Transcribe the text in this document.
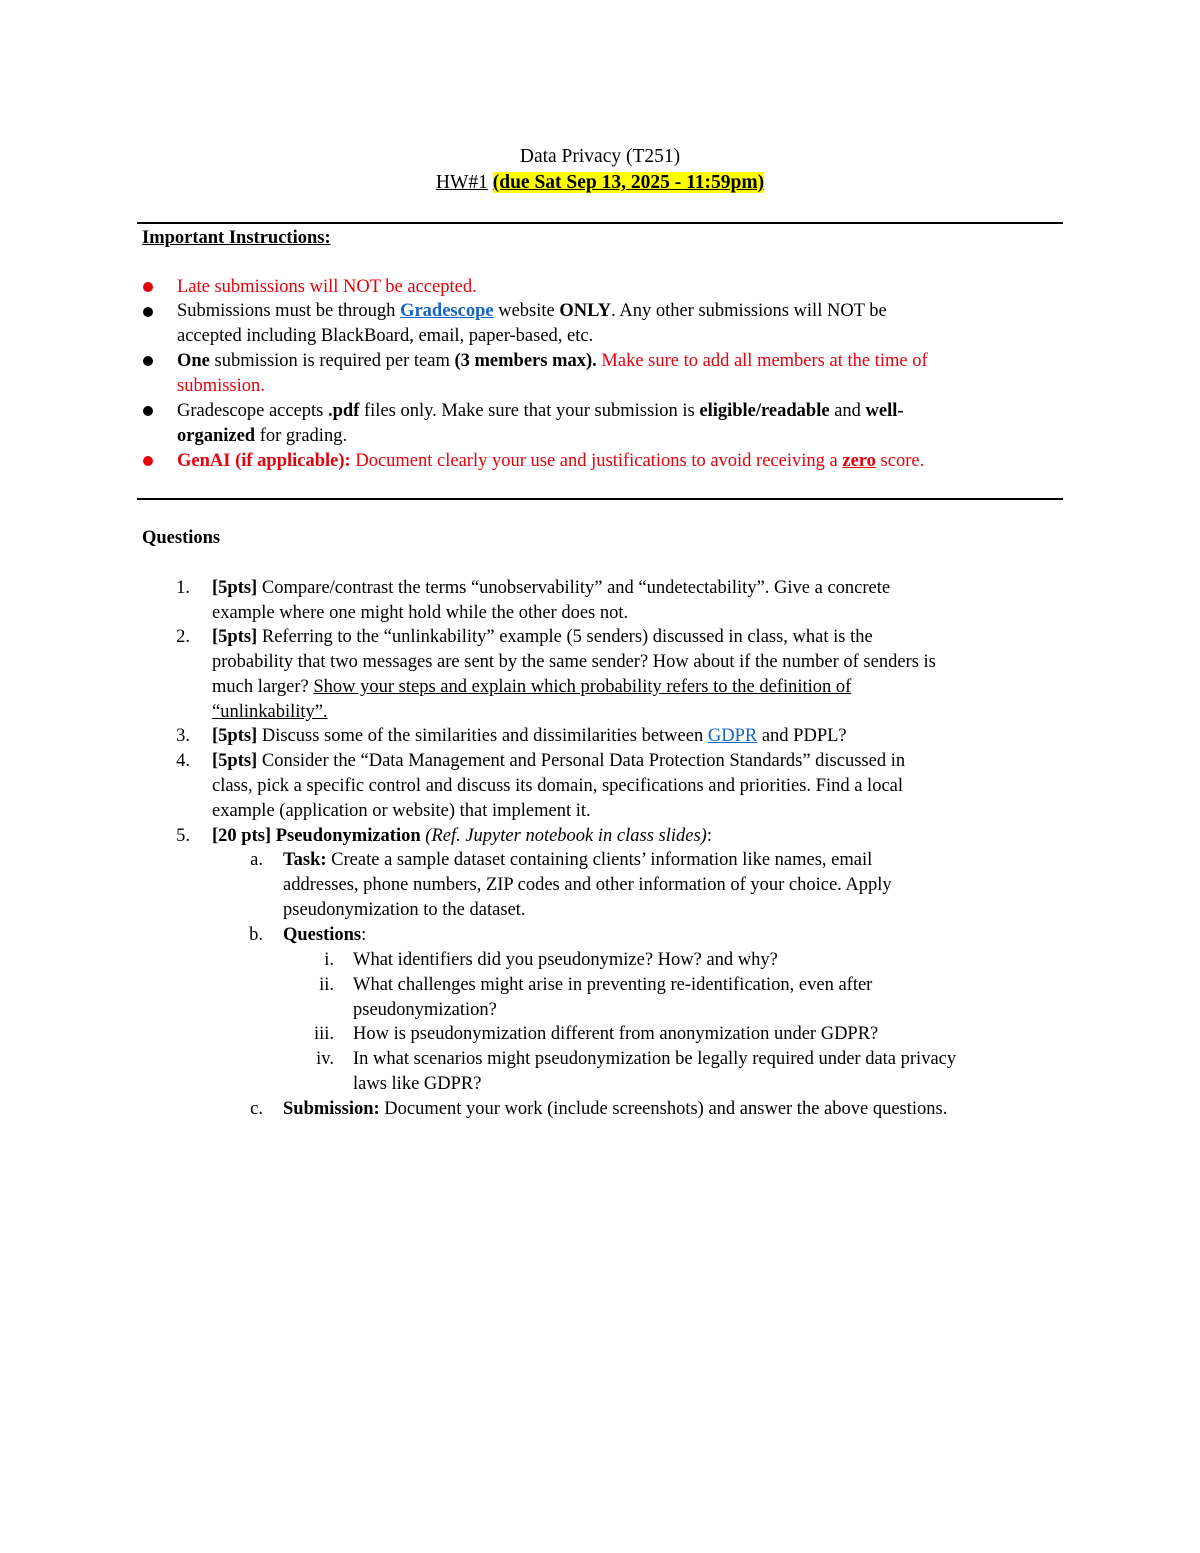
Data Privacy (T251)
HW#1 (due Sat Sep 13, 2025 - 11:59pm)
Important Instructions:
Late submissions will NOT be accepted.
Submissions must be through Gradescope website ONLY. Any other submissions will NOT be
accepted including BlackBoard, email, paper-based, etc.
One submission is required per team (3 members max). Make sure to add all members at the time of
submission.
Gradescope accepts .pdf files only. Make sure that your submission is eligible/readable and well-
organized for grading.
GenAI (if applicable): Document clearly your use and justifications to avoid receiving a zero score.
Questions
1. [5pts] Compare/contrast the terms “unobservability” and “undetectability”. Give a concrete
example where one might hold while the other does not.
2. [5pts] Referring to the “unlinkability” example (5 senders) discussed in class, what is the
probability that two messages are sent by the same sender? How about if the number of senders is
much larger? Show your steps and explain which probability refers to the definition of
“unlinkability”.
3. [5pts] Discuss some of the similarities and dissimilarities between GDPR and PDPL?
4. [5pts] Consider the “Data Management and Personal Data Protection Standards” discussed in
class, pick a specific control and discuss its domain, specifications and priorities. Find a local
example (application or website) that implement it.
5. [20 pts] Pseudonymization (Ref. Jupyter notebook in class slides):
a. Task: Create a sample dataset containing clients’ information like names, email
addresses, phone numbers, ZIP codes and other information of your choice. Apply
pseudonymization to the dataset.
b. Questions:
i. What identifiers did you pseudonymize? How? and why?
ii. What challenges might arise in preventing re-identification, even after
pseudonymization?
iii. How is pseudonymization different from anonymization under GDPR?
iv. In what scenarios might pseudonymization be legally required under data privacy
laws like GDPR?
c. Submission: Document your work (include screenshots) and answer the above questions.
